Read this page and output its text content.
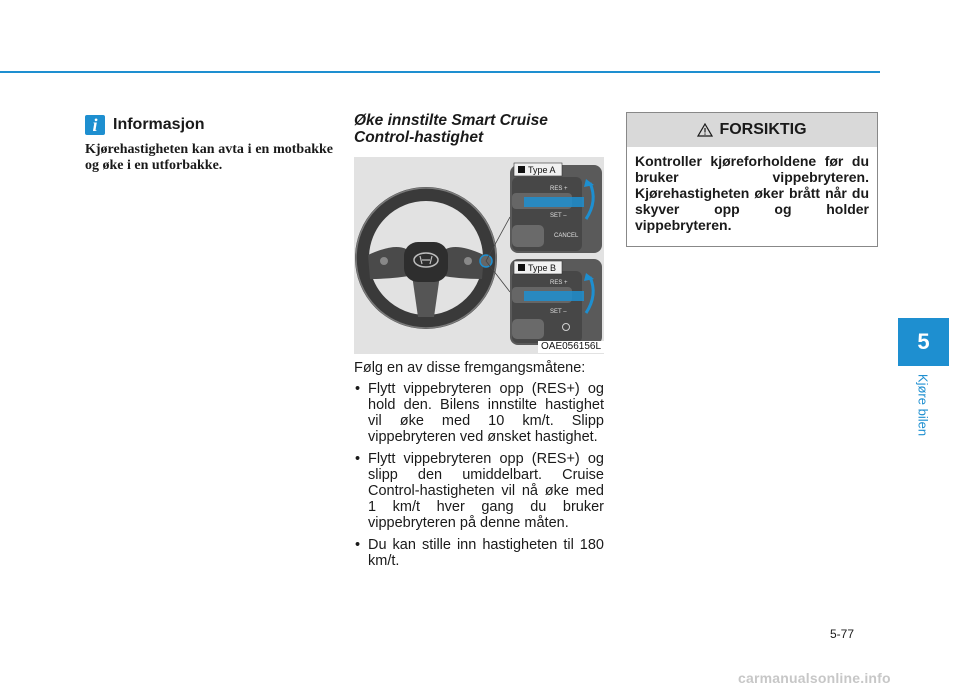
i Informasjon
Kjørehastigheten kan avta i en motbakke og øke i en utforbakke.
Øke innstilte Smart Cruise Control-hastighet
Type A
RES +
SET –
CANCEL
Type B
RES +
SET –
OAE056156L

Følg en av disse fremgangsmåtene:

• Flytt vippebryteren opp (RES+) og hold den. Bilens innstilte hastighet vil øke med 10 km/t. Slipp vippebryteren ved ønsket hastighet.
• Flytt vippebryteren opp (RES+) og slipp den umiddelbart. Cruise Control-hastigheten vil nå øke med 1 km/t hver gang du bruker vippebryteren på denne måten.
• Du kan stille inn hastigheten til 180 km/t.
FORSIKTIG
Kontroller kjøreforholdene før du bruker vippebryteren. Kjørehastigheten øker brått når du skyver opp og holder vippebryteren.
5
Kjøre bilen
5-77
carmanualsonline.info
